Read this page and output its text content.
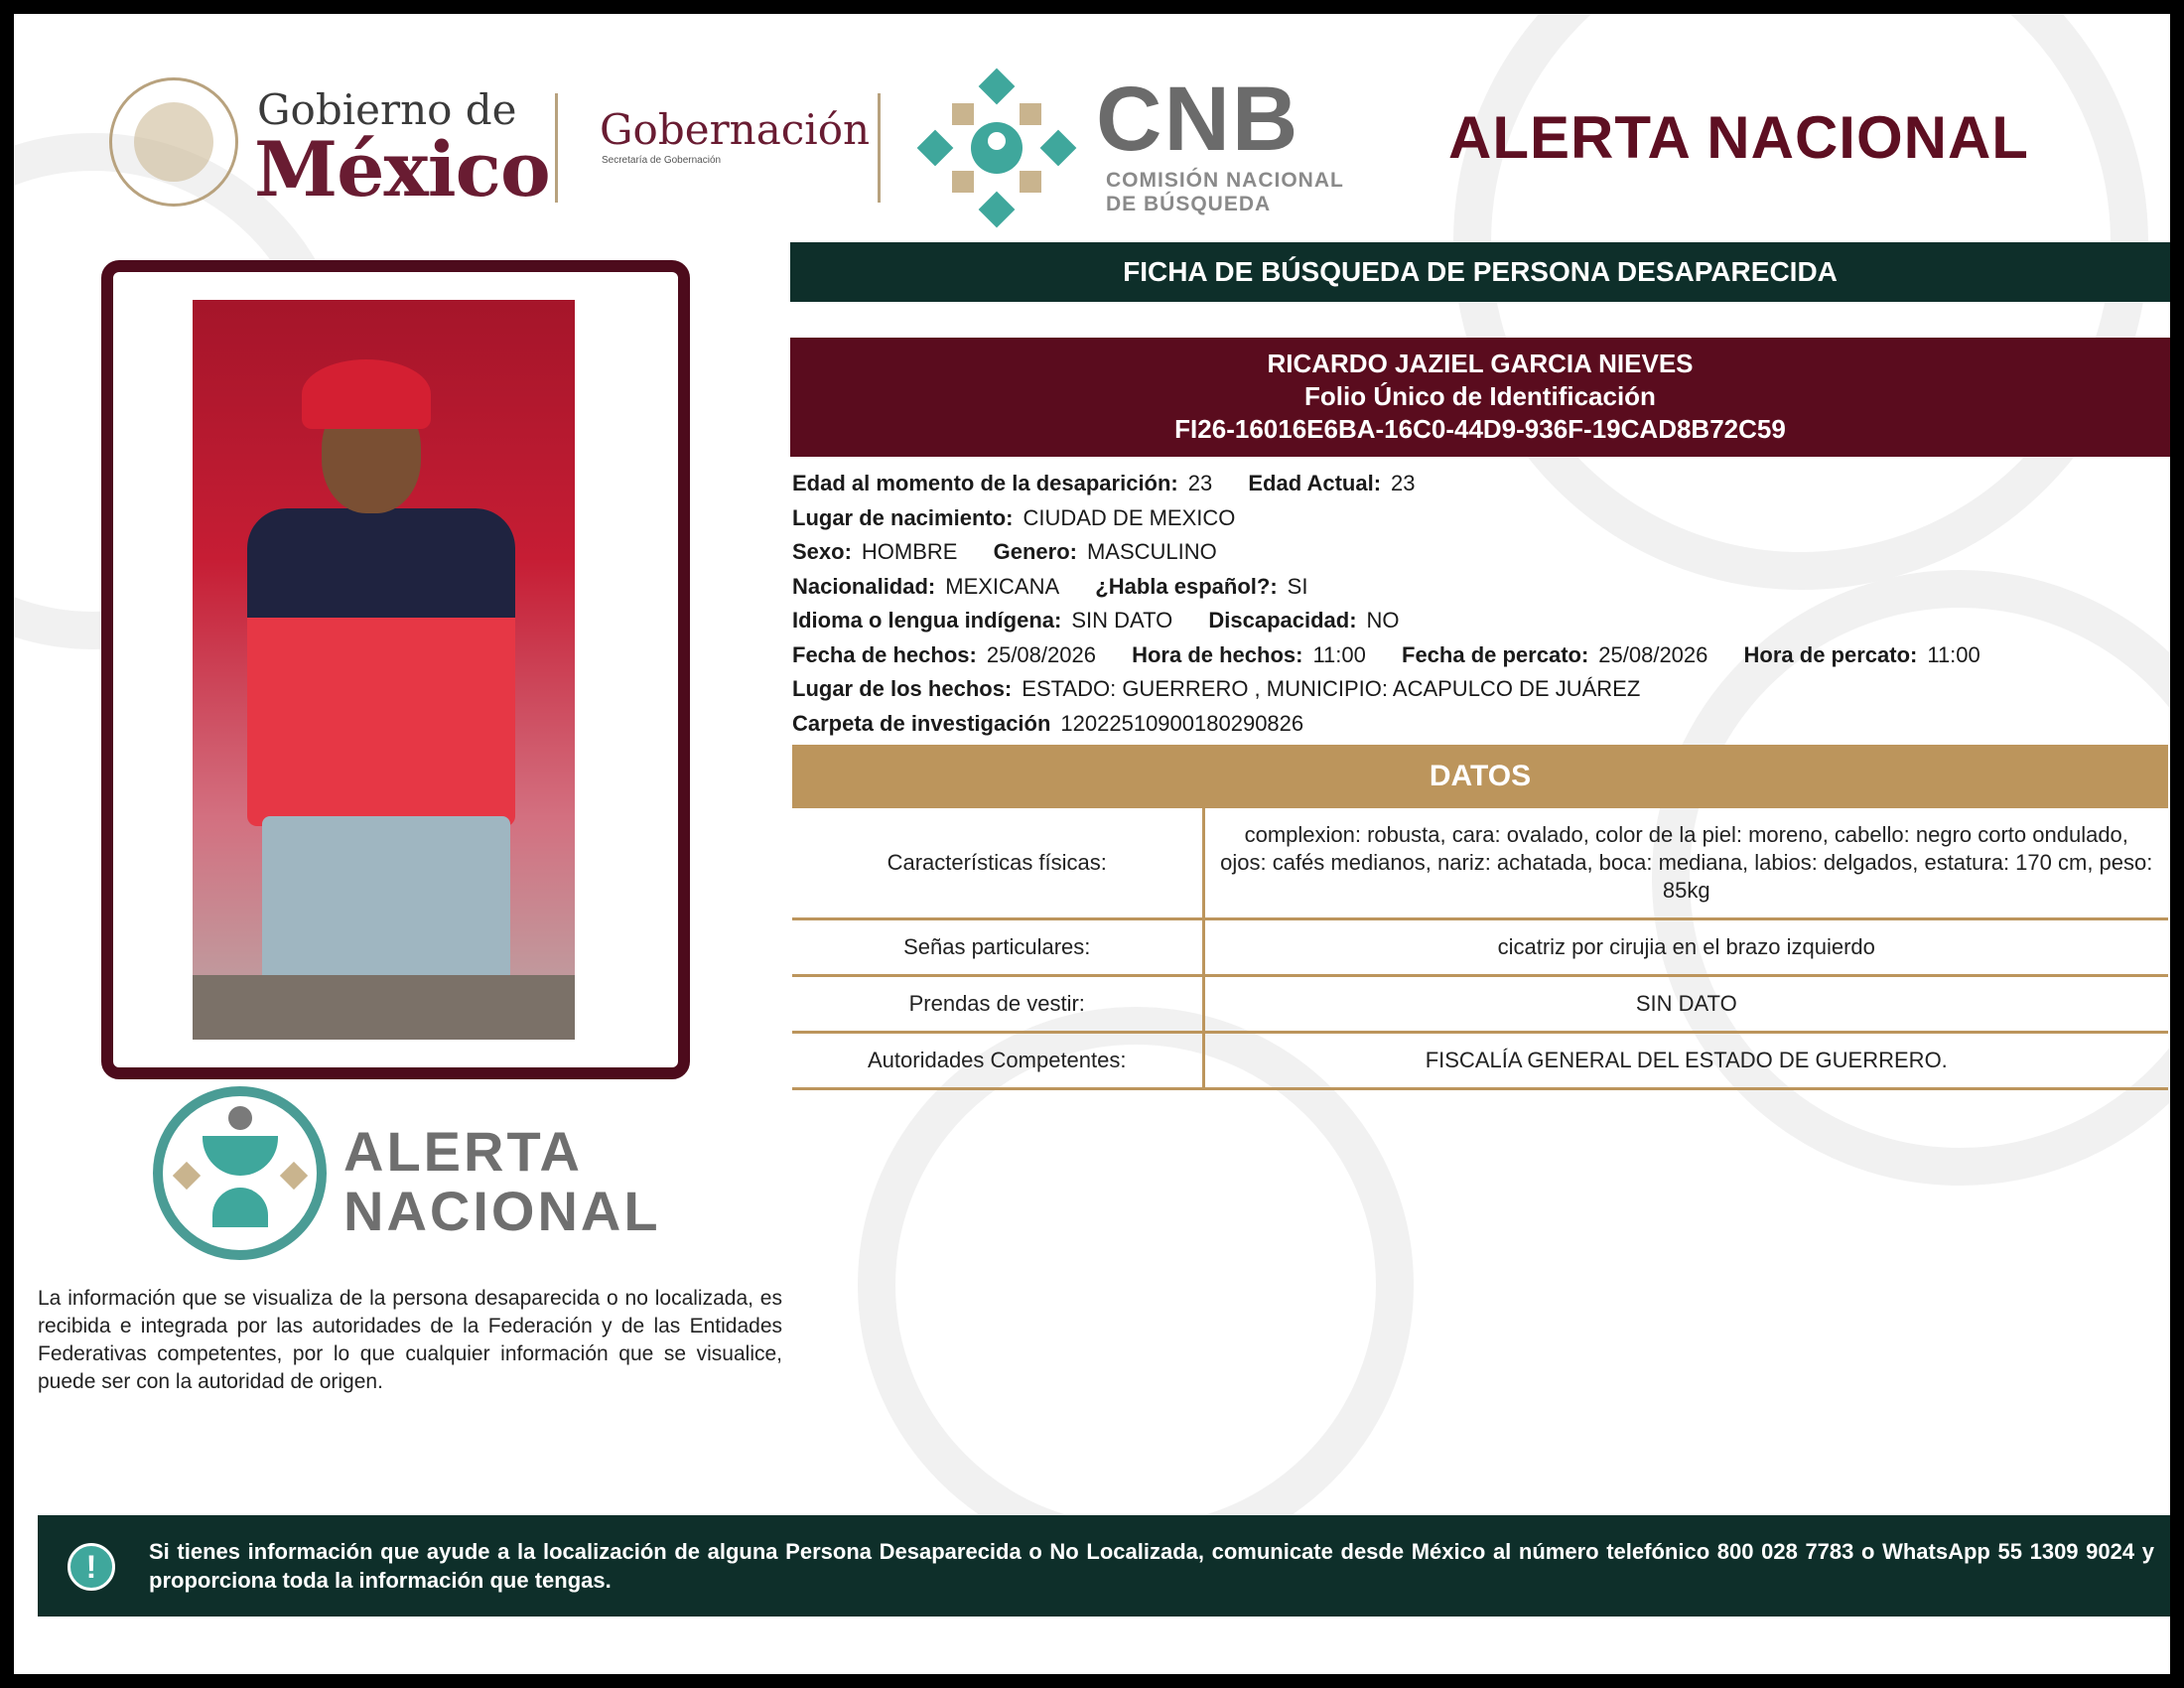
Gobierno de
México Gobernación
Secretaría de Gobernación	CNB
COMISIÓN NACIONAL
DE BÚSQUEDA
ALERTA NACIONAL
ALERTA
NACIONAL

La información que se visualiza de la persona desaparecida o no localizada, es recibida e integrada por las autoridades de la Federación y de las Entidades Federativas competentes, por lo que cualquier información que se visualice, puede ser con la autoridad de origen.

FICHA DE BÚSQUEDA DE PERSONA DESAPARECIDA
RICARDO JAZIEL GARCIA NIEVES
Folio Único de Identificación
FI26-16016E6BA-16C0-44D9-936F-19CAD8B72C59
Edad al momento de la desaparición: 23 Edad Actual: 23
Lugar de nacimiento: CIUDAD DE MEXICO
Sexo: HOMBRE Genero: MASCULINO
Nacionalidad: MEXICANA ¿Habla español?: SI
Idioma o lengua indígena: SIN DATO Discapacidad: NO
Fecha de hechos: 25/08/2026 Hora de hechos: 11:00 Fecha de percato: 25/08/2026 Hora de percato: 11:00
Lugar de los hechos: ESTADO: GUERRERO , MUNICIPIO: ACAPULCO DE JUÁREZ
Carpeta de investigación 12022510900180290826
DATOS
Características físicas:	complexion: robusta, cara: ovalado, color de la piel: moreno, cabello: negro corto ondulado, ojos: cafés medianos, nariz: achatada, boca: mediana, labios: delgados, estatura: 170 cm, peso: 85kg
Señas particulares:	cicatriz por cirujia en el brazo izquierdo
Prendas de vestir:	SIN DATO
Autoridades Competentes:	FISCALÍA GENERAL DEL ESTADO DE GUERRERO.
!	Si tienes información que ayude a la localización de alguna Persona Desaparecida o No Localizada, comunicate desde México al número telefónico 800 028 7783 o WhatsApp 55 1309 9024 y proporciona toda la información que tengas.
